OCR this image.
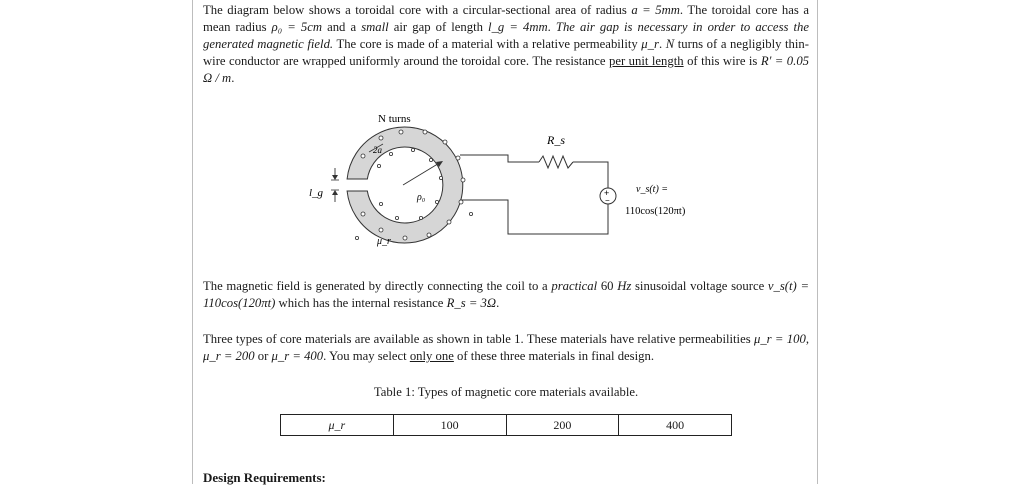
The diagram below shows a toroidal core with a circular-sectional area of radius a = 5mm. The toroidal core has a mean radius ρ₀ = 5cm and a small air gap of length l_g = 4mm. The air gap is necessary in order to access the generated magnetic field. The core is made of a material with a relative permeability μ_r. N turns of a negligibly thin-wire conductor are wrapped uniformly around the toroidal core. The resistance per unit length of this wire is R' = 0.05 Ω / m.
N turns
2a
ρ₀
μ_r
l_g	+
−
R_s
v_s(t) =
110cos(120πt)
The magnetic field is generated by directly connecting the coil to a practical 60 Hz sinusoidal voltage source v_s(t) = 110cos(120πt) which has the internal resistance R_s = 3Ω.
Three types of core materials are available as shown in table 1. These materials have relative permeabilities μ_r = 100, μ_r = 200 or μ_r = 400. You may select only one of these three materials in final design.
Table 1: Types of magnetic core materials available.
μ_r	100	200	400
Design Requirements:
